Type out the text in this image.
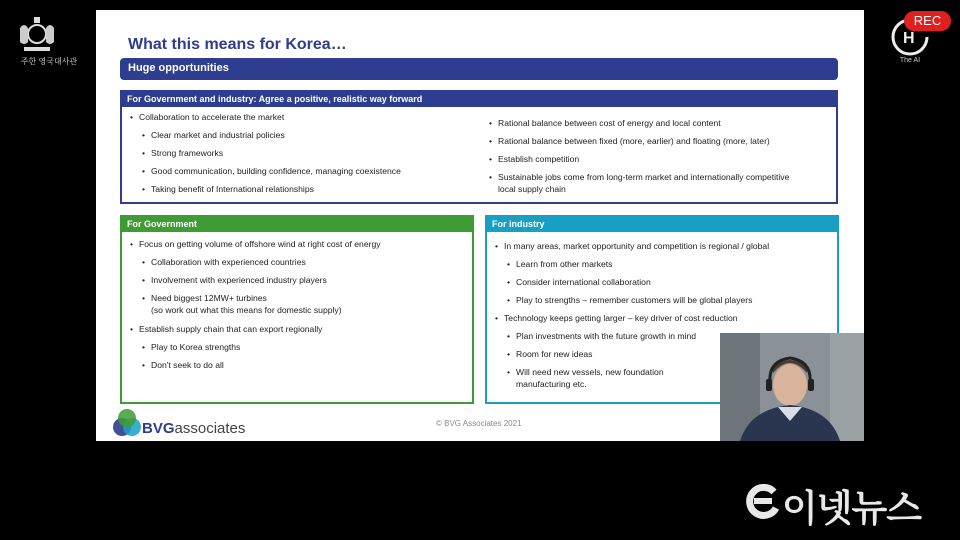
주한 영국대사관
H
REC
The AI
What this means for Korea…
Huge opportunities
For Government and industry: Agree a positive, realistic way forward
• Collaboration to accelerate the market
• Clear market and industrial policies
• Strong frameworks
• Good communication, building confidence, managing coexistence
• Taking benefit of International relationships
• Rational balance between cost of energy and local content
• Rational balance between fixed (more, earlier) and floating (more, later)
• Establish competition
• Sustainable jobs come from long-term market and internationally competitive
local supply chain
For Government
• Focus on getting volume of offshore wind at right cost of energy
• Collaboration with experienced countries
• Involvement with experienced industry players
• Need biggest 12MW+ turbines
(so work out what this means for domestic supply)
• Establish supply chain that can export regionally
• Play to Korea strengths
• Don't seek to do all
For industry
• In many areas, market opportunity and competition is regional / global
• Learn from other markets
• Consider international collaboration
• Play to strengths – remember customers will be global players
• Technology keeps getting larger – key driver of cost reduction
• Plan investments with the future growth in mind
• Room for new ideas
• Will need new vessels, new foundation
manufacturing etc.
BVGassociates	© BVG Associates 2021
이넷뉴스
